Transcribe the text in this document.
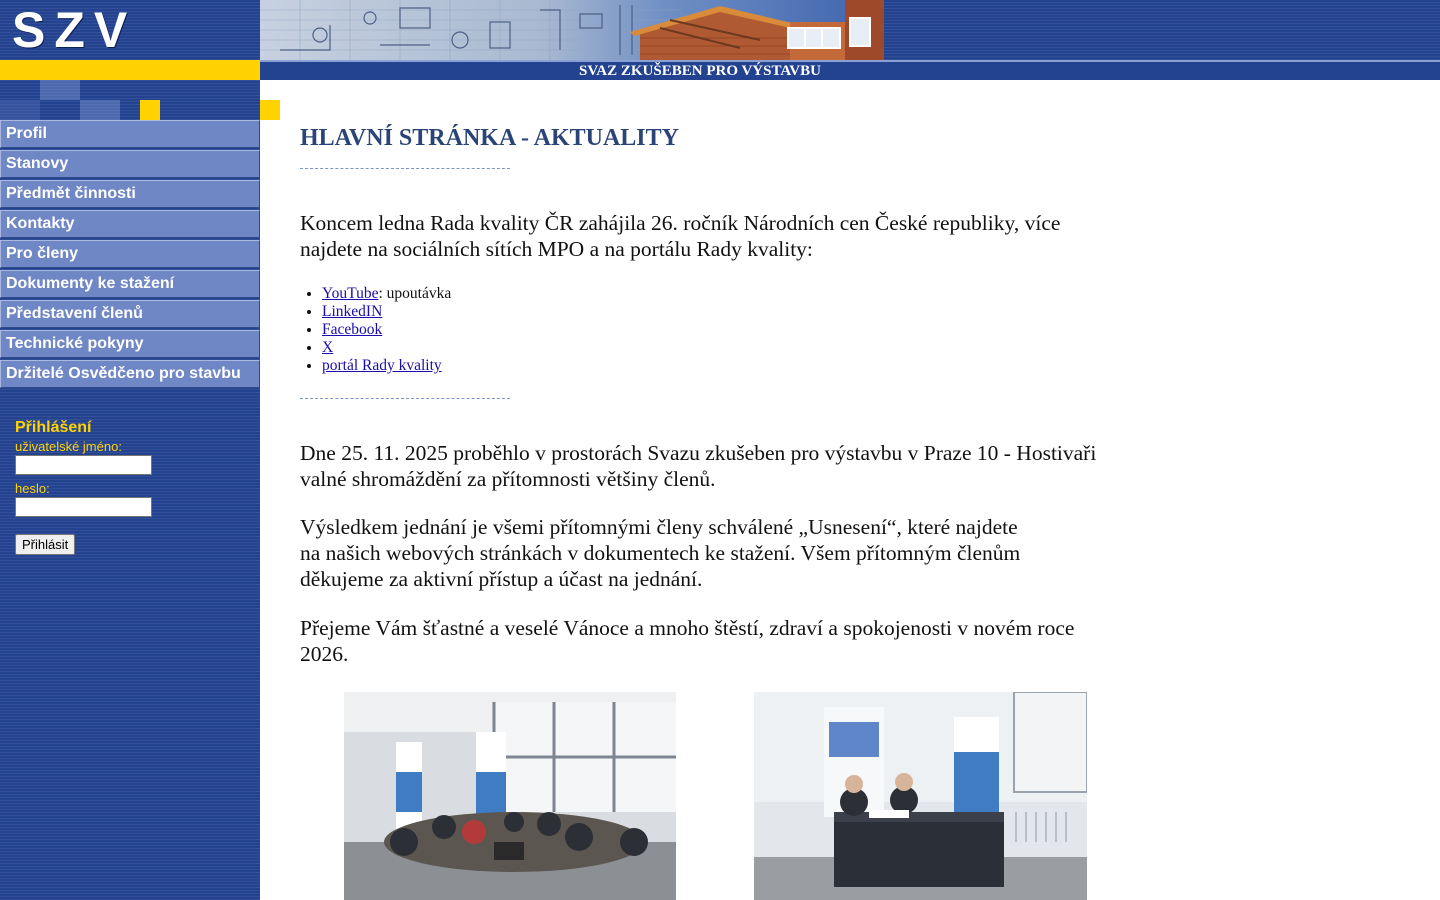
SZV
SVAZ ZKUŠEBEN PRO VÝSTAVBU
Profil
Stanovy
Předmět činnosti
Kontakty
Pro členy
Dokumenty ke stažení
Představení členů
Technické pokyny
Držitelé Osvědčeno pro stavbu
Přihlášení
uživatelské jméno:
heslo:
Přihlásit
HLAVNÍ STRÁNKA - AKTUALITY

Koncem ledna Rada kvality ČR zahájila 26. ročník Národních cen České republiky, více
najdete na sociálních sítích MPO a na portálu Rady kvality:

• YouTube: upoutávka
• LinkedIN
• Facebook
• X
• portál Rady kvality

Dne 25. 11. 2025 proběhlo v prostorách Svazu zkušeben pro výstavbu v Praze 10 - Hostivaři
valné shromáždění za přítomnosti většiny členů.

Výsledkem jednání je všemi přítomnými členy schválené „Usnesení“, které najdete
na našich webových stránkách v dokumentech ke stažení. Všem přítomným členům
děkujeme za aktivní přístup a účast na jednání.

Přejeme Vám šťastné a veselé Vánoce a mnoho štěstí, zdraví a spokojenosti v novém roce
2026.
